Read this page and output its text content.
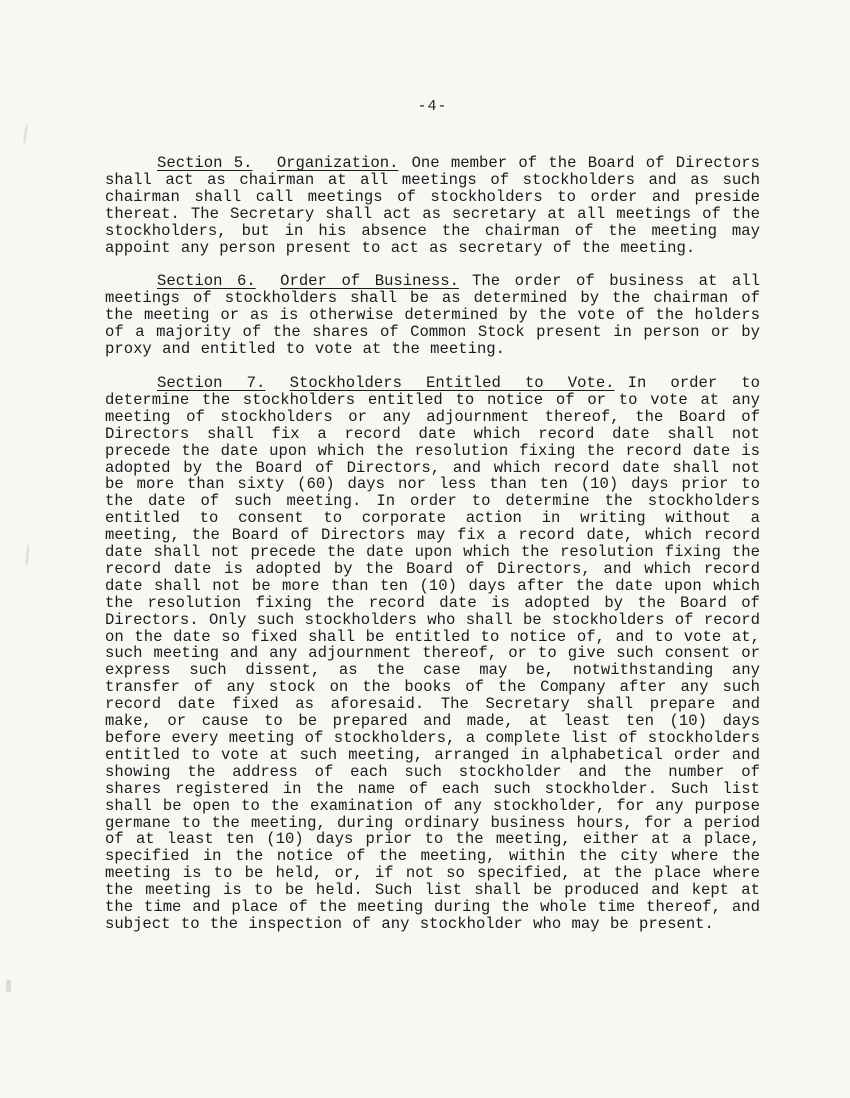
-4-

Section 5. Organization. One member of the Board of Directors shall act as chairman at all meetings of stockholders and as such chairman shall call meetings of stockholders to order and preside thereat. The Secretary shall act as secretary at all meetings of the stockholders, but in his absence the chairman of the meeting may appoint any person present to act as secretary of the meeting.

Section 6. Order of Business. The order of business at all meetings of stockholders shall be as determined by the chairman of the meeting or as is otherwise determined by the vote of the holders of a majority of the shares of Common Stock present in person or by proxy and entitled to vote at the meeting.

Section 7. Stockholders Entitled to Vote. In order to determine the stockholders entitled to notice of or to vote at any meeting of stockholders or any adjournment thereof, the Board of Directors shall fix a record date which record date shall not precede the date upon which the resolution fixing the record date is adopted by the Board of Directors, and which record date shall not be more than sixty (60) days nor less than ten (10) days prior to the date of such meeting. In order to determine the stockholders entitled to consent to corporate action in writing without a meeting, the Board of Directors may fix a record date, which record date shall not precede the date upon which the resolution fixing the record date is adopted by the Board of Directors, and which record date shall not be more than ten (10) days after the date upon which the resolution fixing the record date is adopted by the Board of Directors. Only such stockholders who shall be stockholders of record on the date so fixed shall be entitled to notice of, and to vote at, such meeting and any adjournment thereof, or to give such consent or express such dissent, as the case may be, notwithstanding any transfer of any stock on the books of the Company after any such record date fixed as aforesaid. The Secretary shall prepare and make, or cause to be prepared and made, at least ten (10) days before every meeting of stockholders, a complete list of stockholders entitled to vote at such meeting, arranged in alphabetical order and showing the address of each such stockholder and the number of shares registered in the name of each such stockholder. Such list shall be open to the examination of any stockholder, for any purpose germane to the meeting, during ordinary business hours, for a period of at least ten (10) days prior to the meeting, either at a place, specified in the notice of the meeting, within the city where the meeting is to be held, or, if not so specified, at the place where the meeting is to be held. Such list shall be produced and kept at the time and place of the meeting during the whole time thereof, and subject to the inspection of any stockholder who may be present.
